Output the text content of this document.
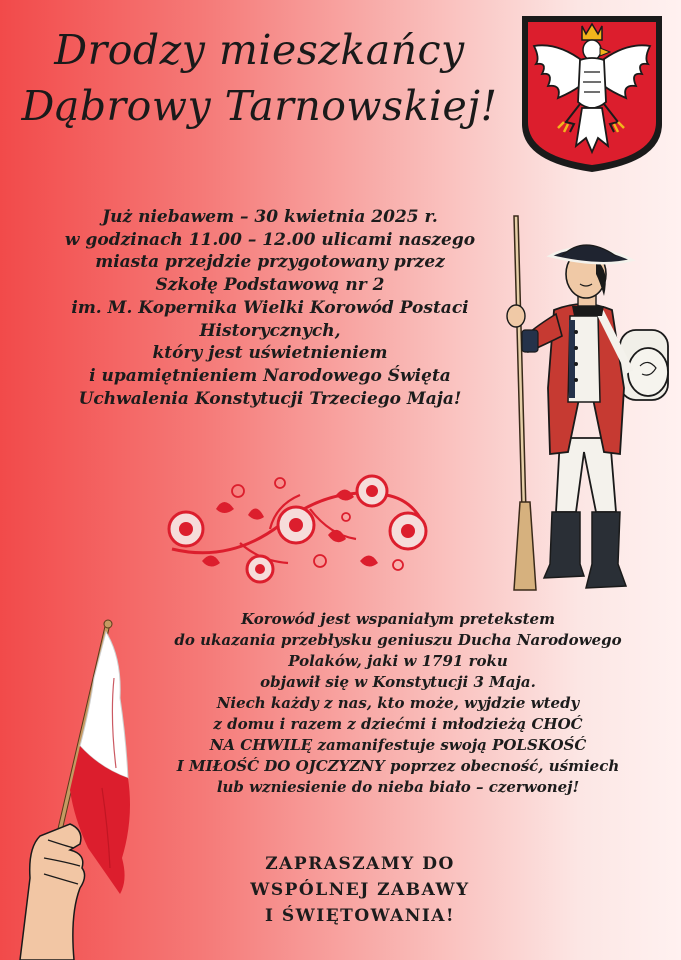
Drodzy mieszkańcy
Dąbrowy Tarnowskiej!
Już niebawem – 30 kwietnia 2025 r.
w godzinach 11.00 – 12.00 ulicami naszego
miasta przejdzie przygotowany przez
Szkołę Podstawową nr 2
im. M. Kopernika Wielki Korowód Postaci
Historycznych,
który jest uświetnieniem
i upamiętnieniem Narodowego Święta
Uchwalenia Konstytucji Trzeciego Maja!
Korowód jest wspaniałym pretekstem
do ukazania przebłysku geniuszu Ducha Narodowego
Polaków, jaki w 1791 roku
objawił się w Konstytucji 3 Maja.
Niech każdy z nas, kto może, wyjdzie wtedy
z domu i razem z dziećmi i młodzieżą CHOĆ
NA CHWILĘ zamanifestuje swoją POLSKOŚĆ
I MIŁOŚĆ DO OJCZYZNY poprzez obecność, uśmiech
lub wzniesienie do nieba biało – czerwonej!
ZAPRASZAMY DO
WSPÓLNEJ ZABAWY
I ŚWIĘTOWANIA!
